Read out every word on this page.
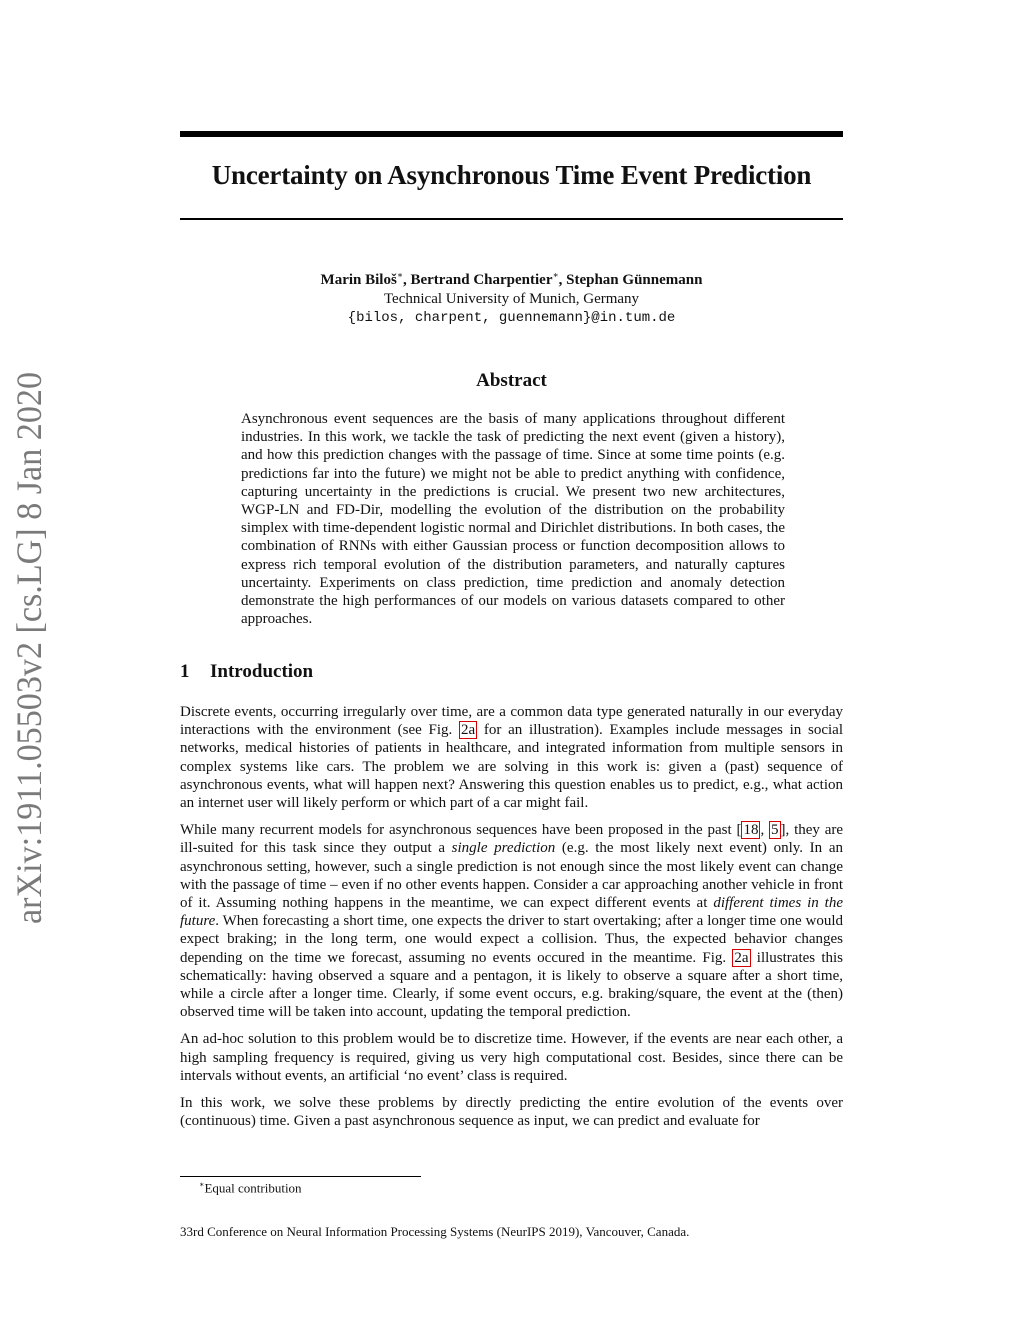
arXiv:1911.05503v2 [cs.LG] 8 Jan 2020
Uncertainty on Asynchronous Time Event Prediction
Marin Biloš∗, Bertrand Charpentier∗, Stephan Günnemann
Technical University of Munich, Germany
{bilos, charpent, guennemann}@in.tum.de
Abstract
Asynchronous event sequences are the basis of many applications throughout different industries. In this work, we tackle the task of predicting the next event (given a history), and how this prediction changes with the passage of time. Since at some time points (e.g. predictions far into the future) we might not be able to predict anything with confidence, capturing uncertainty in the predictions is crucial. We present two new architectures, WGP-LN and FD-Dir, modelling the evolution of the distribution on the probability simplex with time-dependent logistic normal and Dirichlet distributions. In both cases, the combination of RNNs with either Gaussian process or function decomposition allows to express rich temporal evolution of the distribution parameters, and naturally captures uncertainty. Experiments on class prediction, time prediction and anomaly detection demonstrate the high performances of our models on various datasets compared to other approaches.
1 Introduction

Discrete events, occurring irregularly over time, are a common data type generated naturally in our everyday interactions with the environment (see Fig. 2a for an illustration). Examples include messages in social networks, medical histories of patients in healthcare, and integrated information from multiple sensors in complex systems like cars. The problem we are solving in this work is: given a (past) sequence of asynchronous events, what will happen next? Answering this question enables us to predict, e.g., what action an internet user will likely perform or which part of a car might fail.

While many recurrent models for asynchronous sequences have been proposed in the past [ 18 , 5 ], they are ill-suited for this task since they output a single prediction (e.g. the most likely next event) only. In an asynchronous setting, however, such a single prediction is not enough since the most likely event can change with the passage of time – even if no other events happen. Consider a car approaching another vehicle in front of it. Assuming nothing happens in the meantime, we can expect different events at different times in the future. When forecasting a short time, one expects the driver to start overtaking; after a longer time one would expect braking; in the long term, one would expect a collision. Thus, the expected behavior changes depending on the time we forecast, assuming no events occured in the meantime. Fig. 2a illustrates this schematically: having observed a square and a pentagon, it is likely to observe a square after a short time, while a circle after a longer time. Clearly, if some event occurs, e.g. braking/square, the event at the (then) observed time will be taken into account, updating the temporal prediction.

An ad-hoc solution to this problem would be to discretize time. However, if the events are near each other, a high sampling frequency is required, giving us very high computational cost. Besides, since there can be intervals without events, an artificial ‘no event’ class is required.

In this work, we solve these problems by directly predicting the entire evolution of the events over (continuous) time. Given a past asynchronous sequence as input, we can predict and evaluate for

∗Equal contribution
33rd Conference on Neural Information Processing Systems (NeurIPS 2019), Vancouver, Canada.
